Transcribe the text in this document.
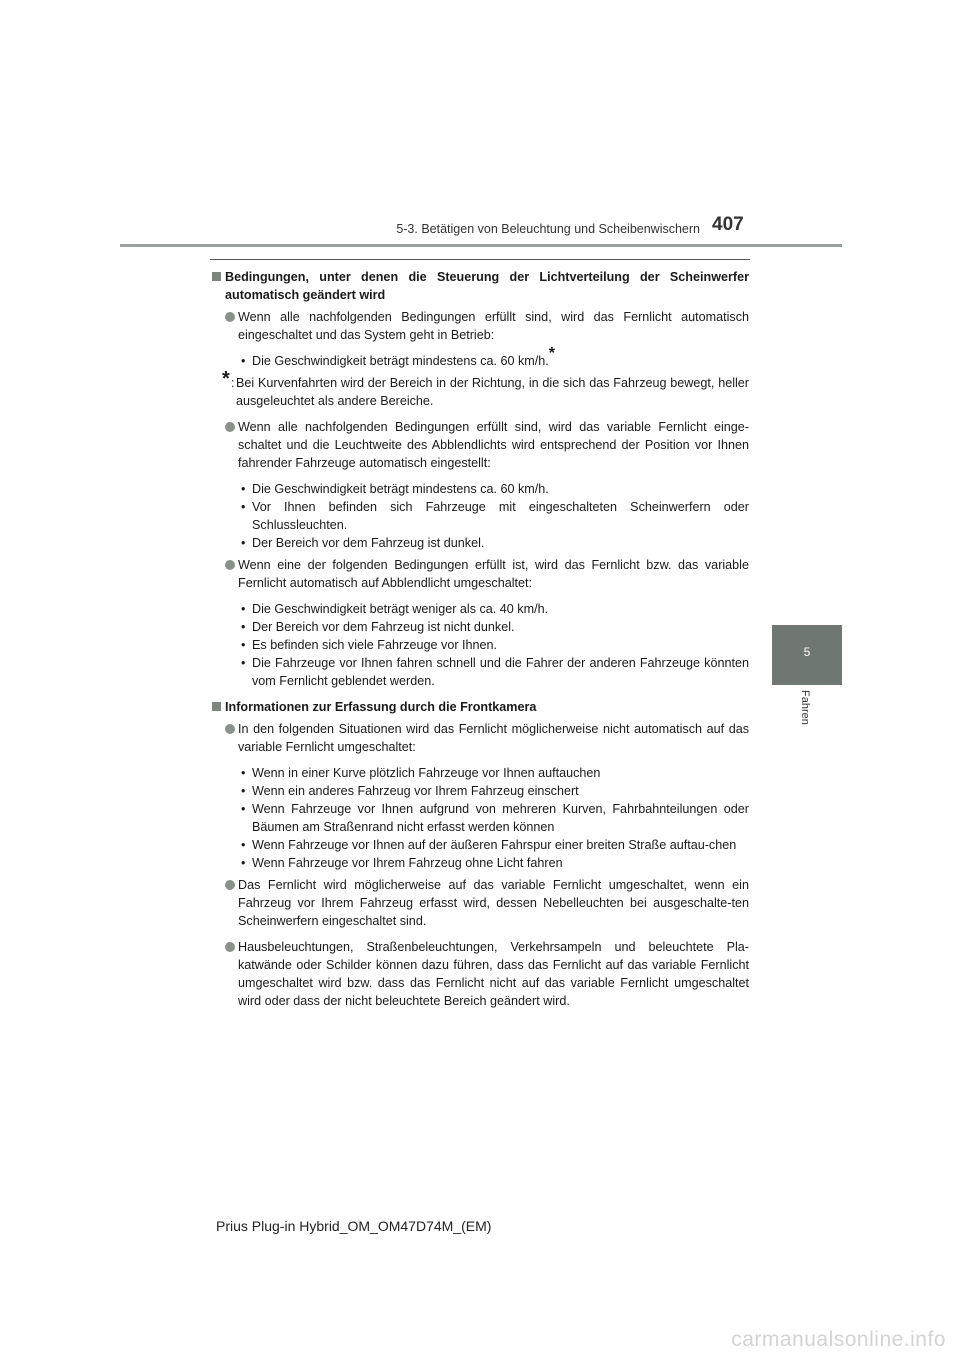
5-3. Betätigen von Beleuchtung und Scheibenwischern 407
5
Fahren
Bedingungen, unter denen die Steuerung der Lichtverteilung der Scheinwerfer automatisch geändert wird
Wenn alle nachfolgenden Bedingungen erfüllt sind, wird das Fernlicht automatisch eingeschaltet und das System geht in Betrieb:
• Die Geschwindigkeit beträgt mindestens ca. 60 km/h.*
* : Bei Kurvenfahrten wird der Bereich in der Richtung, in die sich das Fahrzeug bewegt, heller ausgeleuchtet als andere Bereiche.
Wenn alle nachfolgenden Bedingungen erfüllt sind, wird das variable Fernlicht einge-schaltet und die Leuchtweite des Abblendlichts wird entsprechend der Position vor Ihnen fahrender Fahrzeuge automatisch eingestellt:
• Die Geschwindigkeit beträgt mindestens ca. 60 km/h.
• Vor Ihnen befinden sich Fahrzeuge mit eingeschalteten Scheinwerfern oder Schlussleuchten.
• Der Bereich vor dem Fahrzeug ist dunkel.
Wenn eine der folgenden Bedingungen erfüllt ist, wird das Fernlicht bzw. das variable Fernlicht automatisch auf Abblendlicht umgeschaltet:
• Die Geschwindigkeit beträgt weniger als ca. 40 km/h.
• Der Bereich vor dem Fahrzeug ist nicht dunkel.
• Es befinden sich viele Fahrzeuge vor Ihnen.
• Die Fahrzeuge vor Ihnen fahren schnell und die Fahrer der anderen Fahrzeuge könnten vom Fernlicht geblendet werden.
Informationen zur Erfassung durch die Frontkamera
In den folgenden Situationen wird das Fernlicht möglicherweise nicht automatisch auf das variable Fernlicht umgeschaltet:
• Wenn in einer Kurve plötzlich Fahrzeuge vor Ihnen auftauchen
• Wenn ein anderes Fahrzeug vor Ihrem Fahrzeug einschert
• Wenn Fahrzeuge vor Ihnen aufgrund von mehreren Kurven, Fahrbahnteilungen oder Bäumen am Straßenrand nicht erfasst werden können
• Wenn Fahrzeuge vor Ihnen auf der äußeren Fahrspur einer breiten Straße auftau-chen
• Wenn Fahrzeuge vor Ihrem Fahrzeug ohne Licht fahren
Das Fernlicht wird möglicherweise auf das variable Fernlicht umgeschaltet, wenn ein Fahrzeug vor Ihrem Fahrzeug erfasst wird, dessen Nebelleuchten bei ausgeschalte-ten Scheinwerfern eingeschaltet sind.
Hausbeleuchtungen, Straßenbeleuchtungen, Verkehrsampeln und beleuchtete Pla-katwände oder Schilder können dazu führen, dass das Fernlicht auf das variable Fernlicht umgeschaltet wird bzw. dass das Fernlicht nicht auf das variable Fernlicht umgeschaltet wird oder dass der nicht beleuchtete Bereich geändert wird.
Prius Plug-in Hybrid_OM_OM47D74M_(EM)
carmanualsonline.info
